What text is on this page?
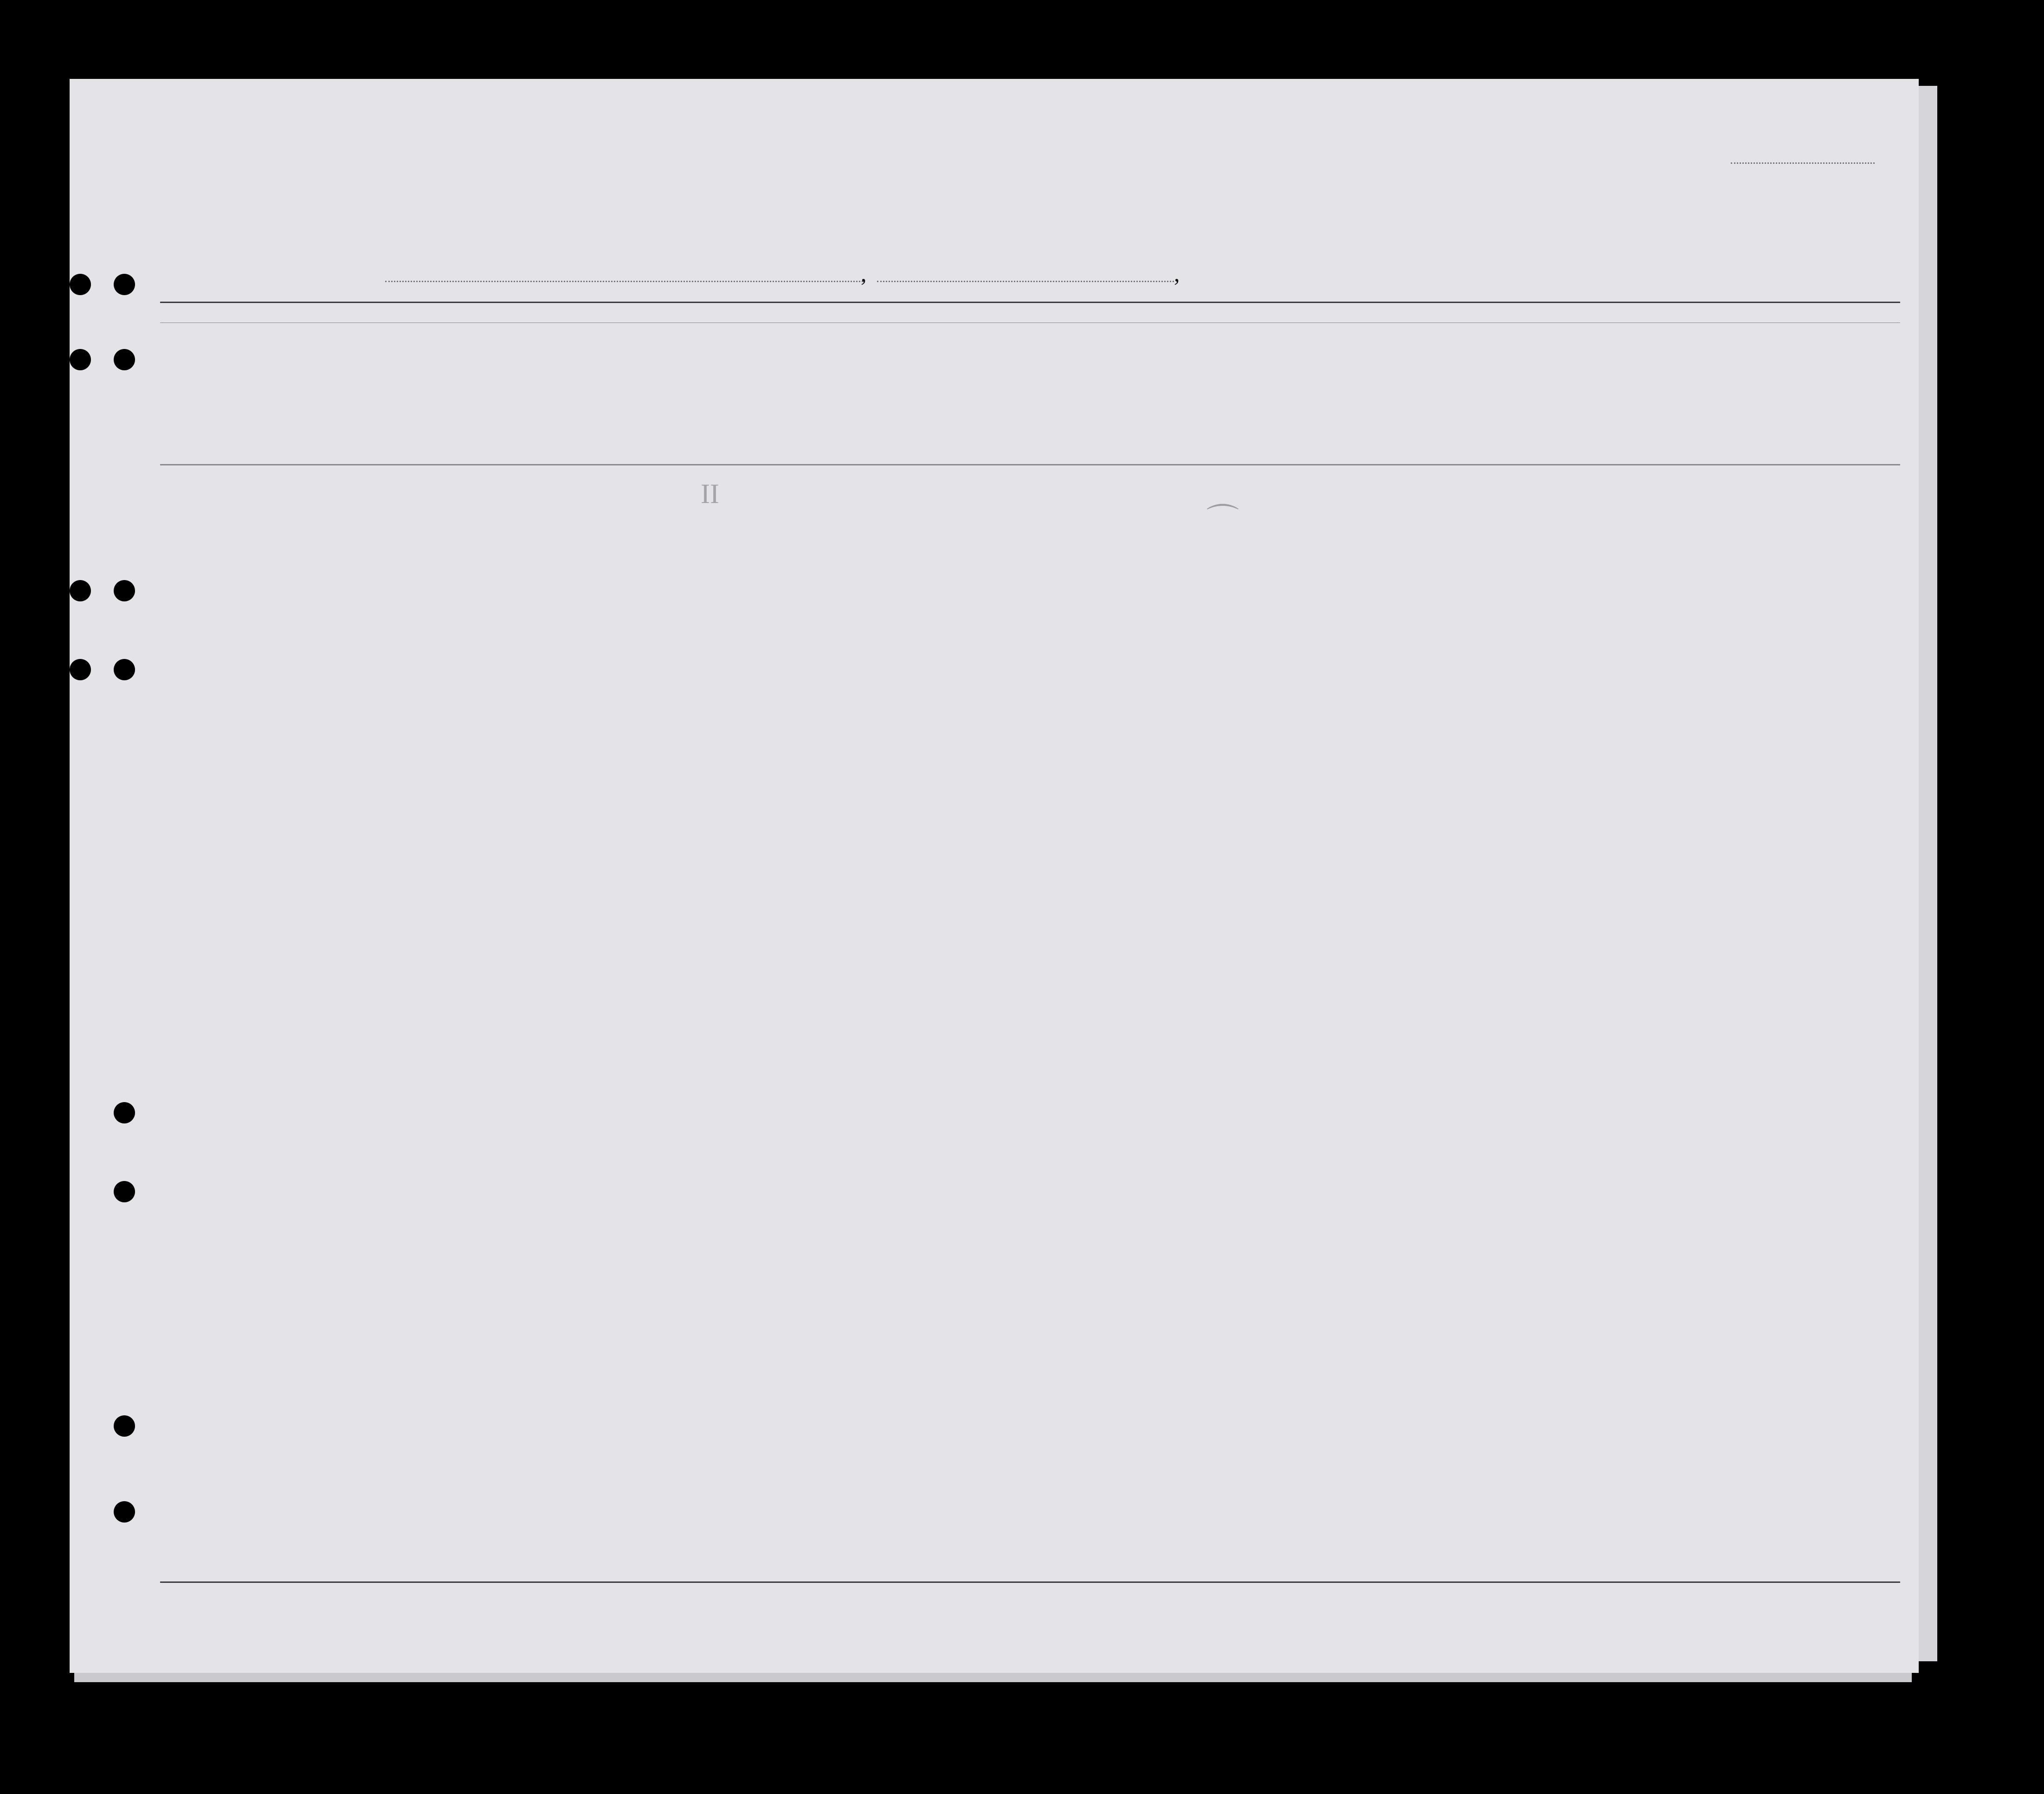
,	,
II
⌒
